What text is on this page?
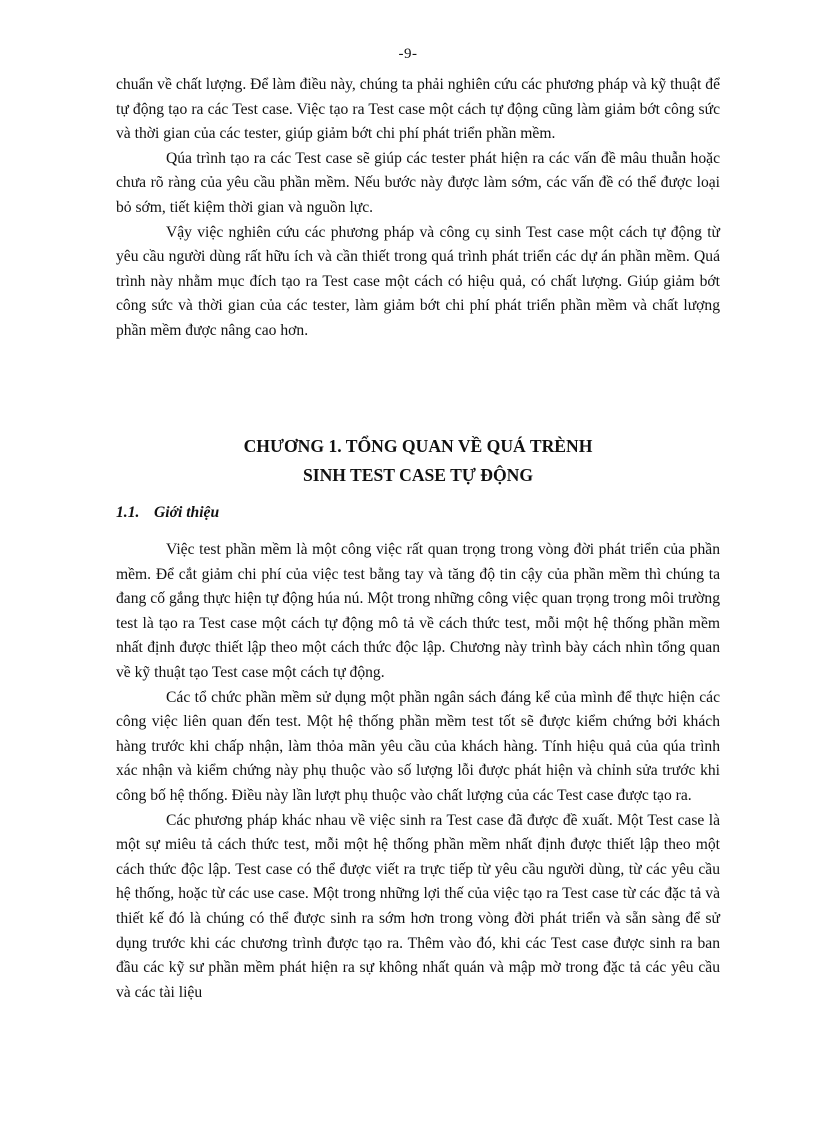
-9-

chuẩn về chất lượng. Để làm điều này, chúng ta phải nghiên cứu các phương pháp và kỹ thuật để tự động tạo ra các Test case. Việc tạo ra Test case một cách tự động cũng làm giảm bớt công sức và thời gian của các tester, giúp giảm bớt chi phí phát triển phần mềm.

Qúa trình tạo ra các Test case sẽ giúp các tester phát hiện ra các vấn đề mâu thuẫn hoặc chưa rõ ràng của yêu cầu phần mềm. Nếu bước này được làm sớm, các vấn đề có thể được loại bỏ sớm, tiết kiệm thời gian và nguồn lực.

Vậy việc nghiên cứu các phương pháp và công cụ sinh Test case một cách tự động từ yêu cầu người dùng rất hữu ích và cần thiết trong quá trình phát triển các dự án phần mềm. Quá trình này nhằm mục đích tạo ra Test case một cách có hiệu quả, có chất lượng. Giúp giảm bớt công sức và thời gian của các tester, làm giảm bớt chi phí phát triển phần mềm và chất lượng phần mềm được nâng cao hơn.

CHƯƠNG 1. TỔNG QUAN VỀ QUÁ TRÈNH
SINH TEST CASE TỰ ĐỘNG
1.1. Giới thiệu

Việc test phần mềm là một công việc rất quan trọng trong vòng đời phát triển của phần mềm. Để cắt giảm chi phí của việc test bằng tay và tăng độ tin cậy của phần mềm thì chúng ta đang cố gắng thực hiện tự động húa nú. Một trong những công việc quan trọng trong môi trường test là tạo ra Test case một cách tự động mô tả về cách thức test, mỗi một hệ thống phần mềm nhất định được thiết lập theo một cách thức độc lập. Chương này trình bày cách nhìn tổng quan về kỹ thuật tạo Test case một cách tự động.

Các tổ chức phần mềm sử dụng một phần ngân sách đáng kể của mình để thực hiện các công việc liên quan đến test. Một hệ thống phần mềm test tốt sẽ được kiểm chứng bởi khách hàng trước khi chấp nhận, làm thỏa mãn yêu cầu của khách hàng. Tính hiệu quả của qúa trình xác nhận và kiểm chứng này phụ thuộc vào số lượng lỗi được phát hiện và chỉnh sửa trước khi công bố hệ thống. Điều này lần lượt phụ thuộc vào chất lượng của các Test case được tạo ra.

Các phương pháp khác nhau về việc sinh ra Test case đã được đề xuất. Một Test case là một sự miêu tả cách thức test, mỗi một hệ thống phần mềm nhất định được thiết lập theo một cách thức độc lập. Test case có thể được viết ra trực tiếp từ yêu cầu người dùng, từ các yêu cầu hệ thống, hoặc từ các use case. Một trong những lợi thế của việc tạo ra Test case từ các đặc tả và thiết kế đó là chúng có thể được sinh ra sớm hơn trong vòng đời phát triển và sẵn sàng để sử dụng trước khi các chương trình được tạo ra. Thêm vào đó, khi các Test case được sinh ra ban đầu các kỹ sư phần mềm phát hiện ra sự không nhất quán và mập mờ trong đặc tả các yêu cầu và các tài liệu
